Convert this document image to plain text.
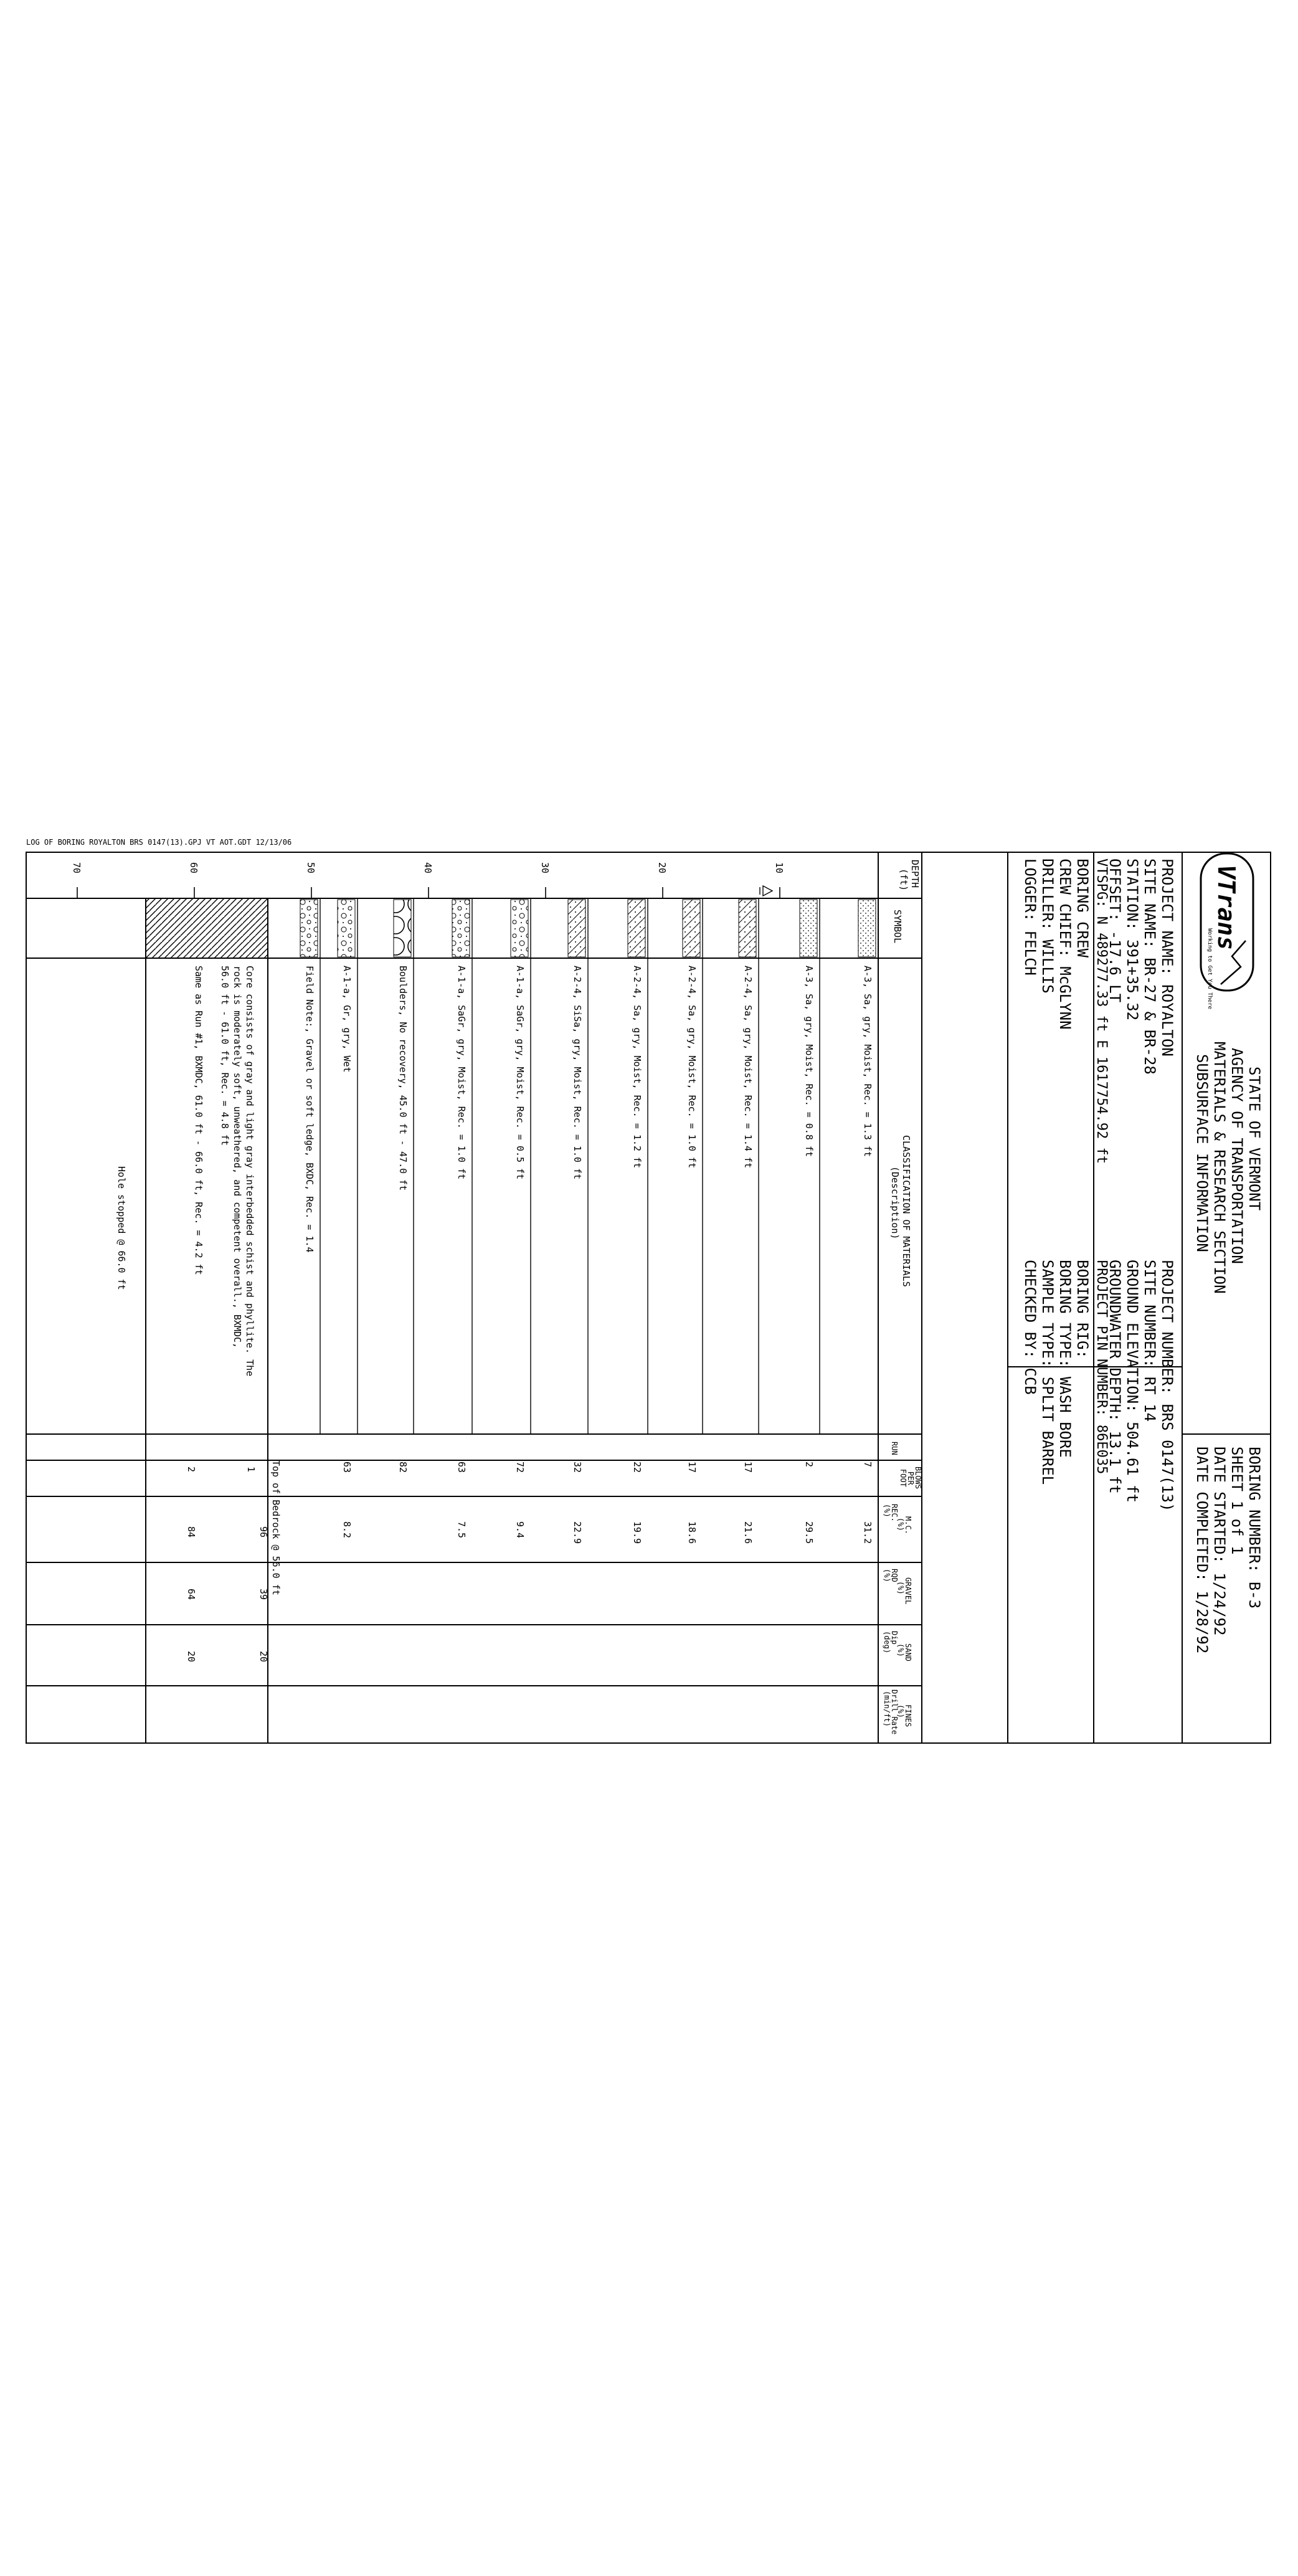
LOG OF BORING ROYALTON BRS 0147(13).GPJ VT AOT.GDT 12/13/06
VTrans
Working to Get You There
STATE OF VERMONT
AGENCY OF TRANSPORTATION
MATERIALS & RESEARCH SECTION
SUBSURFACE INFORMATION
BORING NUMBER: B-3
SHEET 1 of 1
DATE STARTED: 1/24/92
DATE COMPLETED: 1/28/92
PROJECT NAME: ROYALTON
SITE NAME: BR-27 & BR-28
STATION: 391+35.32
OFFSET: -17.6 LT
VTSPG: N 489277.33 ft E 1617754.92 ft
PROJECT NUMBER: BRS 0147(13)
SITE NUMBER: RT 14
GROUND ELEVATION: 504.61 ft
GROUNDWATER DEPTH: 13.1 ft
PROJECT PIN NUMBER: 86E035
BORING CREW
CREW CHIEF: McGLYNN
DRILLER: WILLIS
LOGGER: FELCH
BORING RIG:
BORING TYPE: WASH BORE
SAMPLE TYPE: SPLIT BARREL
CHECKED BY: CCB
DEPTH
(ft)
SYMBOL
CLASSIFICATION OF MATERIALS
(Description)
BLOWS
PER
FOOT
RUN
M.C.
(%)
REC.
(%)
GRAVEL
(%)
RQD
(%)
SAND
(%)
Dip
(deg)
FINES
(%)
Drill Rate
(min/ft)
10
20
30
40
50
60
70
A-3, Sa, gry, Moist, Rec. = 1.3 ft
7
31.2
A-3, Sa, gry, Moist, Rec. = 0.8 ft
2
29.5
A-2-4, Sa, gry, Moist, Rec. = 1.4 ft
17
21.6
A-2-4, Sa, gry, Moist, Rec. = 1.0 ft
17
18.6
A-2-4, Sa, gry, Moist, Rec. = 1.2 ft
22
19.9
A-2-4, SiSa, gry, Moist, Rec. = 1.0 ft
32
22.9
A-1-a, SaGr, gry, Moist, Rec. = 0.5 ft
72
9.4
A-1-a, SaGr, gry, Moist, Rec. = 1.0 ft
63
7.5
Boulders, No recovery, 45.0 ft - 47.0 ft
82
A-1-a, Gr, gry, Wet
63
8.2
Field Note:, Gravel or soft ledge, BXDC, Rec. = 1.4
Core consists of gray and light gray interbedded schist and phyllite. The
rock is moderately soft, unweathered, and competent overall., BXMDC,
56.0 ft - 61.0 ft, Rec. = 4.8 ft
Same as Run #1, BXMDC, 61.0 ft - 66.0 ft, Rec. = 4.2 ft
Top of Bedrock @ 56.0 ft
1
96
39
20
2
84
64
20
Hole stopped @ 66.0 ft
